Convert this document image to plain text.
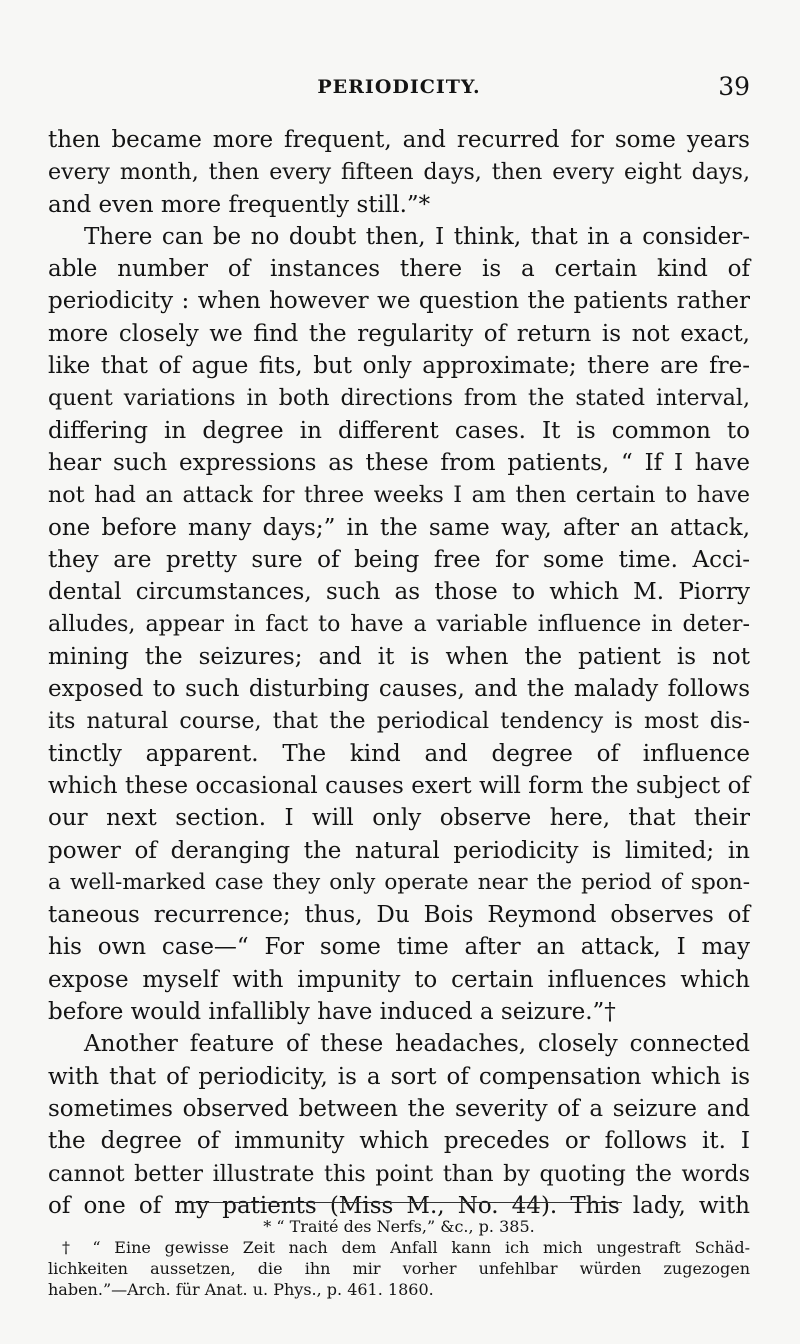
PERIODICITY.	39
then became more frequent, and recurred for some years
every month, then every fifteen days, then every eight days,
and even more frequently still.”*
There can be no doubt then, I think, that in a consider-
able number of instances there is a certain kind of
periodicity : when however we question the patients rather
more closely we find the regularity of return is not exact,
like that of ague fits, but only approximate; there are fre-
quent variations in both directions from the stated interval,
differing in degree in different cases. It is common to
hear such expressions as these from patients, “ If I have
not had an attack for three weeks I am then certain to have
one before many days;” in the same way, after an attack,
they are pretty sure of being free for some time. Acci-
dental circumstances, such as those to which M. Piorry
alludes, appear in fact to have a variable influence in deter-
mining the seizures; and it is when the patient is not
exposed to such disturbing causes, and the malady follows
its natural course, that the periodical tendency is most dis-
tinctly apparent. The kind and degree of influence
which these occasional causes exert will form the subject of
our next section. I will only observe here, that their
power of deranging the natural periodicity is limited; in
a well-marked case they only operate near the period of spon-
taneous recurrence; thus, Du Bois Reymond observes of
his own case—“ For some time after an attack, I may
expose myself with impunity to certain influences which
before would infallibly have induced a seizure.”†
Another feature of these headaches, closely connected
with that of periodicity, is a sort of compensation which is
sometimes observed between the severity of a seizure and
the degree of immunity which precedes or follows it. I
cannot better illustrate this point than by quoting the words
of one of my patients (Miss M., No. 44). This lady, with
* “ Traité des Nerfs,” &c., p. 385.
† “ Eine gewisse Zeit nach dem Anfall kann ich mich ungestraft Schäd-
lichkeiten aussetzen, die ihn mir vorher unfehlbar würden zugezogen
haben.”—Arch. für Anat. u. Phys., p. 461. 1860.
